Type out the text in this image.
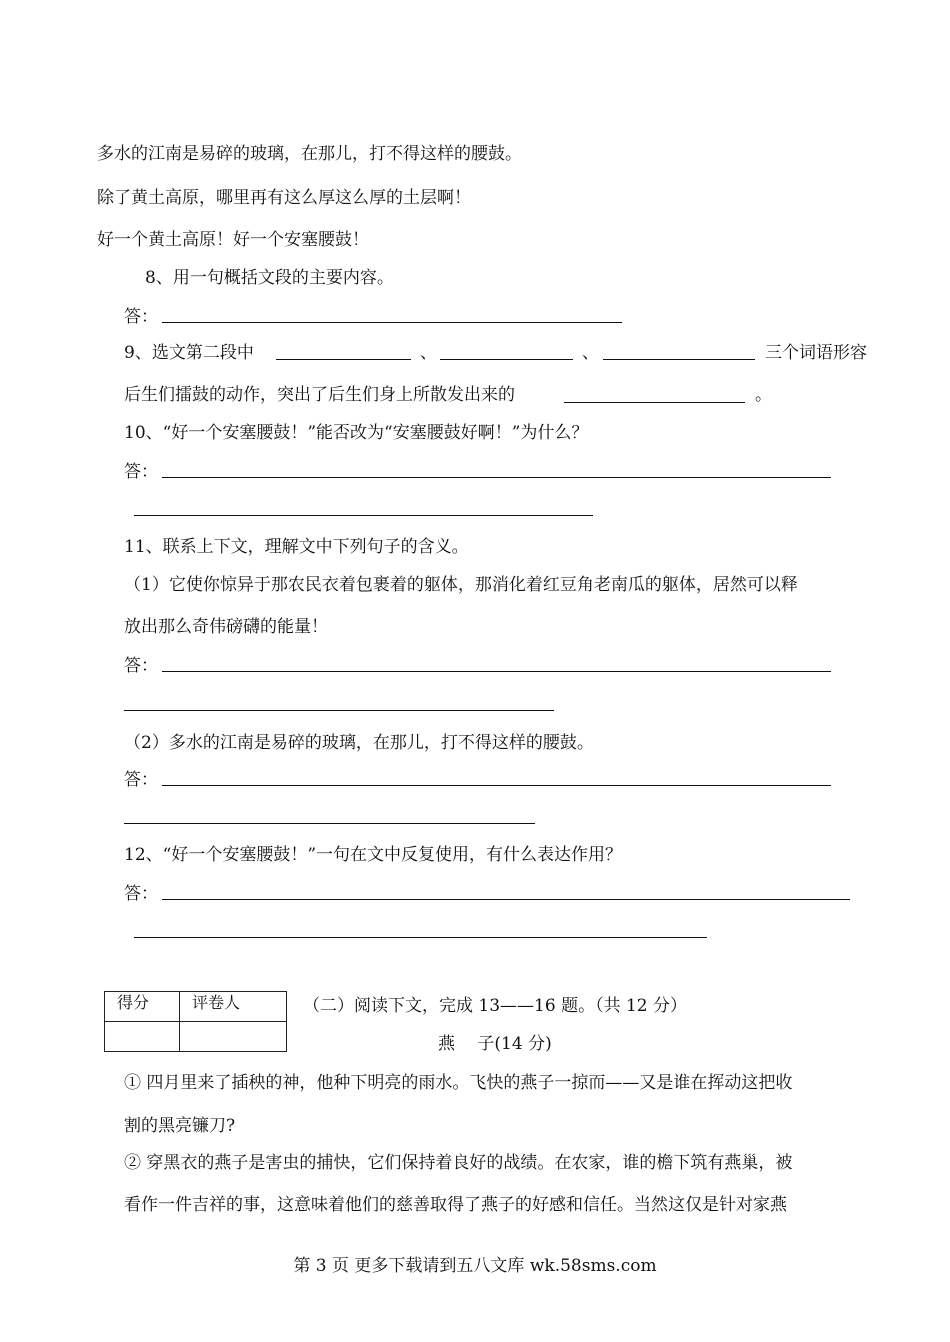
多水的江南是易碎的玻璃，在那儿，打不得这样的腰鼓。
除了黄土高原，哪里再有这么厚这么厚的土层啊！
好一个黄土高原！好一个安塞腰鼓！
8、用一句概括文段的主要内容。
答：
9、选文第二段中	、	、	三个词语形容
后生们擂鼓的动作，突出了后生们身上所散发出来的	。
10、“好一个安塞腰鼓！”能否改为“安塞腰鼓好啊！”为什么？
答：
11、联系上下文，理解文中下列句子的含义。
（1）它使你惊异于那农民衣着包裹着的躯体，那消化着红豆角老南瓜的躯体，居然可以释
放出那么奇伟磅礴的能量！
答：
（2）多水的江南是易碎的玻璃，在那儿，打不得这样的腰鼓。
答：
12、“好一个安塞腰鼓！”一句在文中反复使用，有什么表达作用？
答：
得分	评卷人
		（二）阅读下文，完成 13——16 题。（共 12 分）
燕　 子(14 分)
① 四月里来了插秧的神，他种下明亮的雨水。飞快的燕子一掠而——又是谁在挥动这把收
割的黑亮镰刀?
② 穿黑衣的燕子是害虫的捕快，它们保持着良好的战绩。在农家，谁的檐下筑有燕巢，被
看作一件吉祥的事，这意味着他们的慈善取得了燕子的好感和信任。当然这仅是针对家燕
第 3 页 更多下载请到五八文库 wk.58sms.com
